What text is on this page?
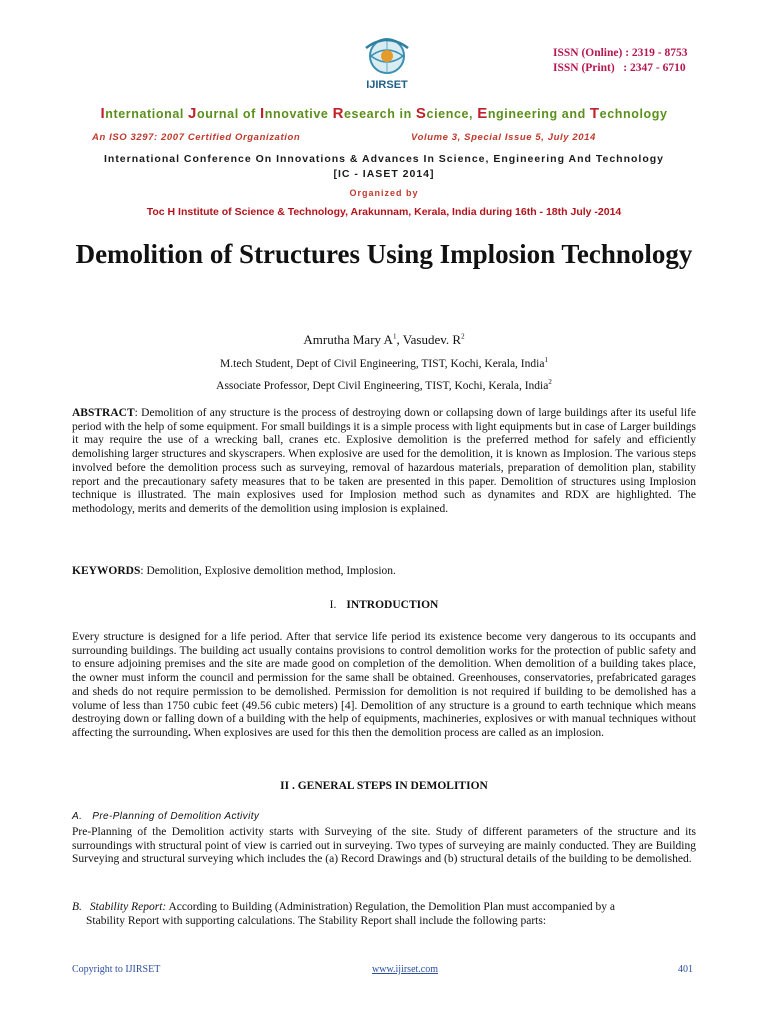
IJIRSET
ISSN (Online) : 2319 - 8753
ISSN (Print)   : 2347 - 6710
International Journal of Innovative Research in Science, Engineering and Technology
An ISO 3297: 2007 Certified Organization	Volume 3, Special Issue 5, July 2014
International Conference On Innovations & Advances In Science, Engineering And Technology [IC - IASET 2014]
Organized by
Toc H Institute of Science & Technology, Arakunnam, Kerala, India during 16th - 18th July -2014
Demolition of Structures Using Implosion Technology
Amrutha Mary $A^1$, Vasudev. $R^2$
M.tech Student, Dept of Civil Engineering, TIST, Kochi, Kerala, India$^1$
Associate Professor, Dept Civil Engineering, TIST, Kochi, Kerala, India$^2$
ABSTRACT: Demolition of any structure is the process of destroying down or collapsing down of large buildings after its useful life period with the help of some equipment. For small buildings it is a simple process with light equipments but in case of Larger buildings it may require the use of a wrecking ball, cranes etc. Explosive demolition is the preferred method for safely and efficiently demolishing larger structures and skyscrapers. When explosive are used for the demolition, it is known as Implosion. The various steps involved before the demolition process such as surveying, removal of hazardous materials, preparation of demolition plan, stability report and the precautionary safety measures that to be taken are presented in this paper. Demolition of structures using Implosion technique is illustrated. The main explosives used for Implosion method such as dynamites and RDX are highlighted. The methodology, merits and demerits of the demolition using implosion is explained.
KEYWORDS: Demolition, Explosive demolition method, Implosion.
I. INTRODUCTION
Every structure is designed for a life period. After that service life period its existence become very dangerous to its occupants and surrounding buildings. The building act usually contains provisions to control demolition works for the protection of public safety and to ensure adjoining premises and the site are made good on completion of the demolition. When demolition of a building takes place, the owner must inform the council and permission for the same shall be obtained. Greenhouses, conservatories, prefabricated garages and sheds do not require permission to be demolished. Permission for demolition is not required if building to be demolished has a volume of less than 1750 cubic feet (49.56 cubic meters) [4]. Demolition of any structure is a ground to earth technique which means destroying down or falling down of a building with the help of equipments, machineries, explosives or with manual techniques without affecting the surrounding. When explosives are used for this then the demolition process are called as an implosion.
II . GENERAL STEPS IN DEMOLITION
A. Pre-Planning of Demolition Activity
Pre-Planning of the Demolition activity starts with Surveying of the site. Study of different parameters of the structure and its surroundings with structural point of view is carried out in surveying. Two types of surveying are mainly conducted. They are Building Surveying and structural surveying which includes the (a) Record Drawings and (b) structural details of the building to be demolished.
B. Stability Report: According to Building (Administration) Regulation, the Demolition Plan must accompanied by a
Stability Report with supporting calculations. The Stability Report shall include the following parts:
Copyright to IJIRSET	www.ijirset.com	401
